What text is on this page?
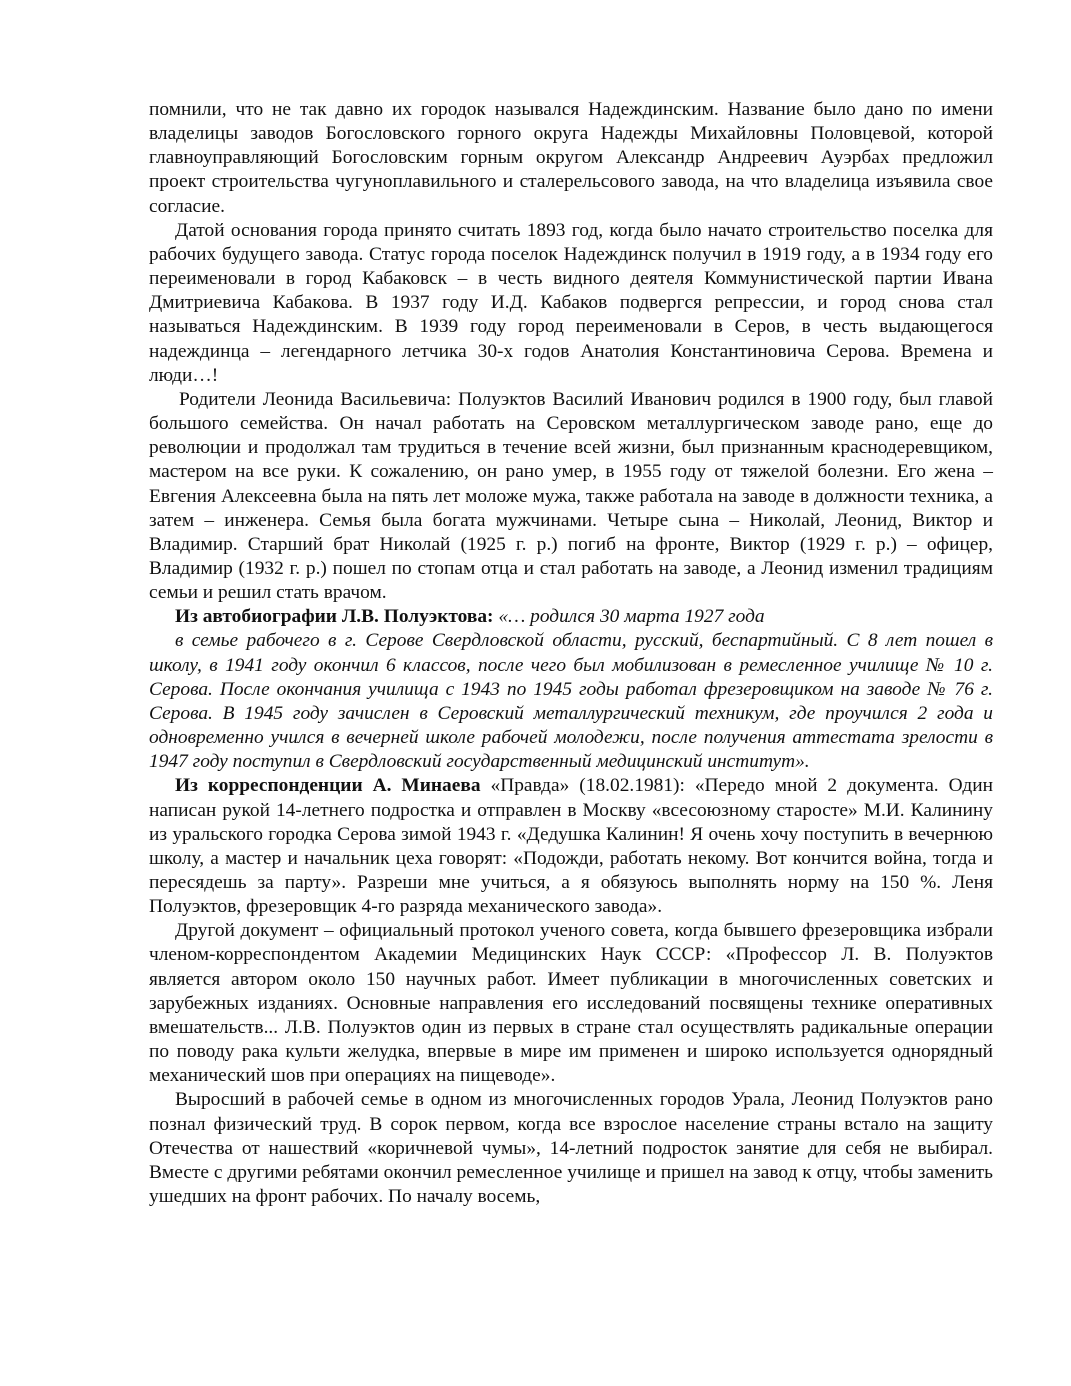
помнили, что не так давно их городок назывался Надеждинским. Название было дано по имени владелицы заводов Богословского горного округа Надежды Михайловны Половцевой, которой главноуправляющий Богословским горным округом Александр Андреевич Ауэрбах предложил проект строительства чугуноплавильного и сталерельсового завода, на что владелица изъявила свое согласие.

Датой основания города принято считать 1893 год, когда было начато строительство поселка для рабочих будущего завода. Статус города поселок Надеждинск получил в 1919 году, а в 1934 году его переименовали в город Кабаковск – в честь видного деятеля Коммунистической партии Ивана Дмитриевича Кабакова. В 1937 году И.Д. Кабаков подвергся репрессии, и город снова стал называться Надеждинским. В 1939 году город переименовали в Серов, в честь выдающегося надеждинца – легендарного летчика 30-х годов Анатолия Константиновича Серова. Времена и люди…!

Родители Леонида Васильевича: Полуэктов Василий Иванович родился в 1900 году, был главой большого семейства. Он начал работать на Серовском металлургическом заводе рано, еще до революции и продолжал там трудиться в течение всей жизни, был признанным краснодеревщиком, мастером на все руки. К сожалению, он рано умер, в 1955 году от тяжелой болезни. Его жена – Евгения Алексеевна была на пять лет моложе мужа, также работала на заводе в должности техника, а затем – инженера. Семья была богата мужчинами. Четыре сына – Николай, Леонид, Виктор и Владимир. Старший брат Николай (1925 г. р.) погиб на фронте, Виктор (1929 г. р.) – офицер, Владимир (1932 г. р.) пошел по стопам отца и стал работать на заводе, а Леонид изменил традициям семьи и решил стать врачом.

Из автобиографии Л.В. Полуэктова: «… родился 30 марта 1927 года

в семье рабочего в г. Серове Свердловской области, русский, беспартийный. С 8 лет пошел в школу, в 1941 году окончил 6 классов, после чего был мобилизован в ремесленное училище № 10 г. Серова. После окончания училища с 1943 по 1945 годы работал фрезеровщиком на заводе № 76 г. Серова. В 1945 году зачислен в Серовский металлургический техникум, где проучился 2 года и одновременно учился в вечерней школе рабочей молодежи, после получения аттестата зрелости в 1947 году поступил в Свердловский государственный медицинский институт».

Из корреспонденции А. Минаева «Правда» (18.02.1981): «Передо мной 2 документа. Один написан рукой 14-летнего подростка и отправлен в Москву «всесоюзному старосте» М.И. Калинину из уральского городка Серова зимой 1943 г. «Дедушка Калинин! Я очень хочу поступить в вечернюю школу, а мастер и начальник цеха говорят: «Подожди, работать некому. Вот кончится война, тогда и пересядешь за парту». Разреши мне учиться, а я обязуюсь выполнять норму на 150 %. Леня Полуэктов, фрезеровщик 4-го разряда механического завода».

Другой документ – официальный протокол ученого совета, когда бывшего фрезеровщика избрали членом-корреспондентом Академии Медицинских Наук СССР: «Профессор Л. В. Полуэктов является автором около 150 научных работ. Имеет публикации в многочисленных советских и зарубежных изданиях. Основные направления его исследований посвящены технике оперативных вмешательств... Л.В. Полуэктов один из первых в стране стал осуществлять радикальные операции по поводу рака культи желудка, впервые в мире им применен и широко используется однорядный механический шов при операциях на пищеводе».

Выросший в рабочей семье в одном из многочисленных городов Урала, Леонид Полуэктов рано познал физический труд. В сорок первом, когда все взрослое население страны встало на защиту Отечества от нашествий «коричневой чумы», 14-летний подросток занятие для себя не выбирал. Вместе с другими ребятами окончил ремесленное училище и пришел на завод к отцу, чтобы заменить ушедших на фронт рабочих. По началу восемь,
